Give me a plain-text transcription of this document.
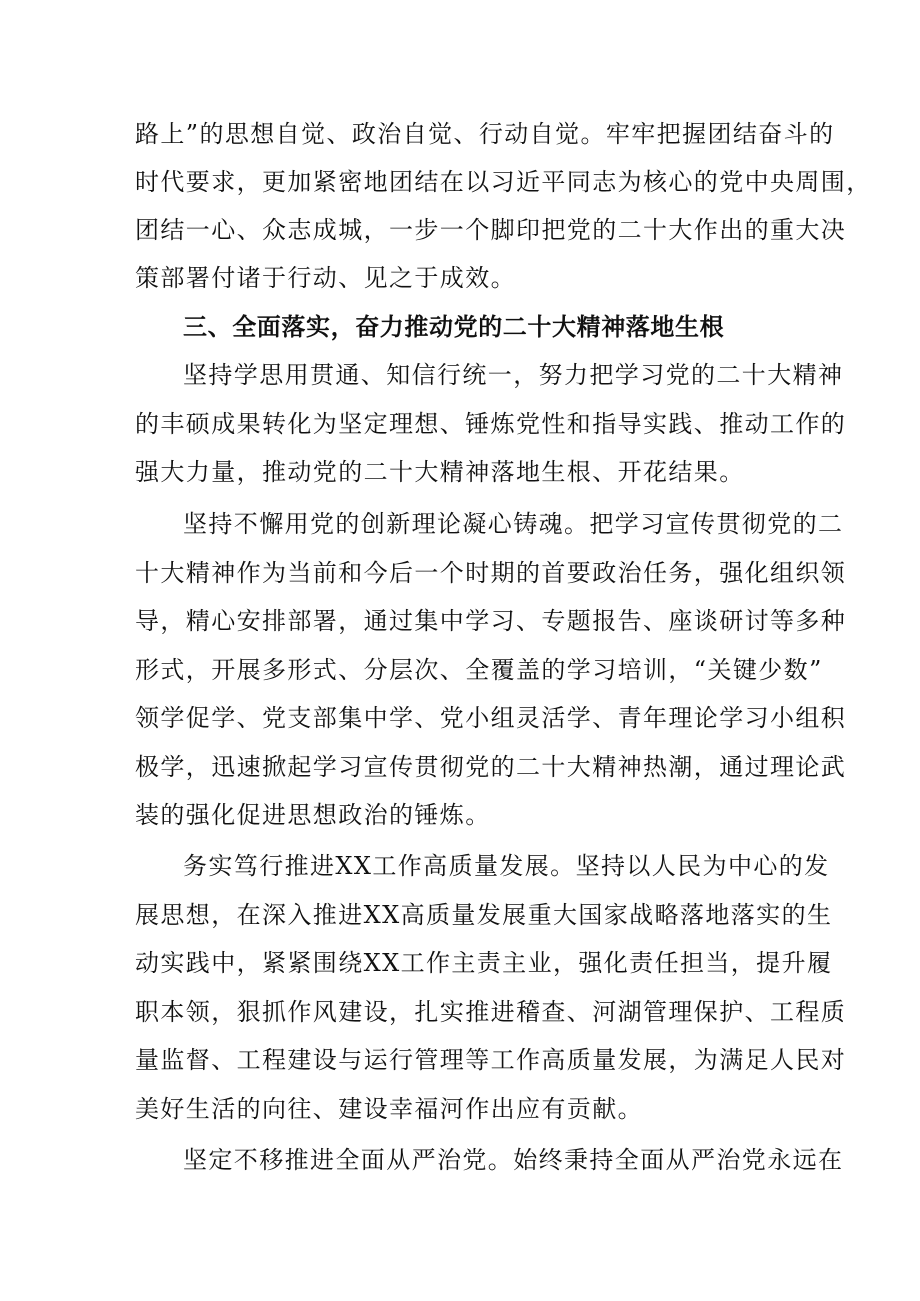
路上”的思想自觉、政治自觉、行动自觉。牢牢把握团结奋斗的
时代要求，更加紧密地团结在以习近平同志为核心的党中央周围，
团结一心、众志成城，一步一个脚印把党的二十大作出的重大决
策部署付诸于行动、见之于成效。
三、全面落实，奋力推动党的二十大精神落地生根
坚持学思用贯通、知信行统一，努力把学习党的二十大精神
的丰硕成果转化为坚定理想、锤炼党性和指导实践、推动工作的
强大力量，推动党的二十大精神落地生根、开花结果。
坚持不懈用党的创新理论凝心铸魂。把学习宣传贯彻党的二
十大精神作为当前和今后一个时期的首要政治任务，强化组织领
导，精心安排部署，通过集中学习、专题报告、座谈研讨等多种
形式，开展多形式、分层次、全覆盖的学习培训，“关键少数”
领学促学、党支部集中学、党小组灵活学、青年理论学习小组积
极学，迅速掀起学习宣传贯彻党的二十大精神热潮，通过理论武
装的强化促进思想政治的锤炼。
务实笃行推进XX工作高质量发展。坚持以人民为中心的发
展思想，在深入推进XX高质量发展重大国家战略落地落实的生
动实践中，紧紧围绕XX工作主责主业，强化责任担当，提升履
职本领，狠抓作风建设，扎实推进稽查、河湖管理保护、工程质
量监督、工程建设与运行管理等工作高质量发展，为满足人民对
美好生活的向往、建设幸福河作出应有贡献。
坚定不移推进全面从严治党。始终秉持全面从严治党永远在
